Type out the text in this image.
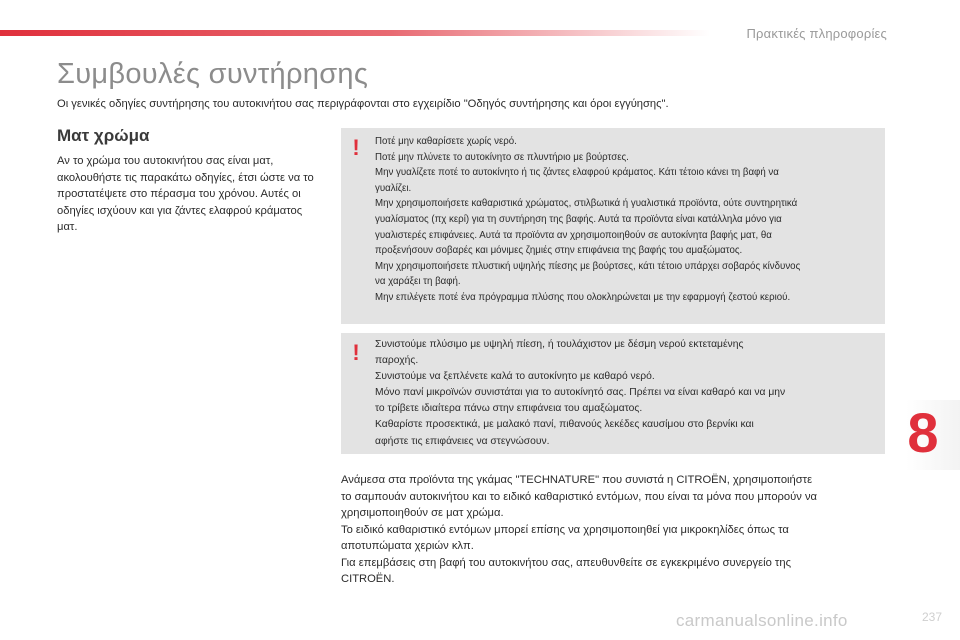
Πρακτικές πληροφορίες
Συμβουλές συντήρησης
Οι γενικές οδηγίες συντήρησης του αυτοκινήτου σας περιγράφονται στο εγχειρίδιο "Οδηγός συντήρησης και όροι εγγύησης".
Ματ χρώμα
Αν το χρώμα του αυτοκινήτου σας είναι ματ, ακολουθήστε τις παρακάτω οδηγίες, έτσι ώστε να το προστατέψετε στο πέρασμα του χρόνου. Αυτές οι οδηγίες ισχύουν και για ζάντες ελαφρού κράματος ματ.
! Ποτέ μην καθαρίσετε χωρίς νερό.
Ποτέ μην πλύνετε το αυτοκίνητο σε πλυντήριο με βούρτσες.
Μην γυαλίζετε ποτέ το αυτοκίνητο ή τις ζάντες ελαφρού κράματος. Κάτι τέτοιο κάνει τη βαφή να
γυαλίζει.
Μην χρησιμοποιήσετε καθαριστικά χρώματος, στιλβωτικά ή γυαλιστικά προϊόντα, ούτε συντηρητικά
γυαλίσματος (πχ κερί) για τη συντήρηση της βαφής. Αυτά τα προϊόντα είναι κατάλληλα μόνο για
γυαλιστερές επιφάνειες. Αυτά τα προϊόντα αν χρησιμοποιηθούν σε αυτοκίνητα βαφής ματ, θα
προξενήσουν σοβαρές και μόνιμες ζημιές στην επιφάνεια της βαφής του αμαξώματος.
Μην χρησιμοποιήσετε πλυστική υψηλής πίεσης με βούρτσες, κάτι τέτοιο υπάρχει σοβαρός κίνδυνος
να χαράξει τη βαφή.
Μην επιλέγετε ποτέ ένα πρόγραμμα πλύσης που ολοκληρώνεται με την εφαρμογή ζεστού κεριού.
! Συνιστούμε πλύσιμο με υψηλή πίεση, ή τουλάχιστον με δέσμη νερού εκτεταμένης
παροχής.
Συνιστούμε να ξεπλένετε καλά το αυτοκίνητο με καθαρό νερό.
Μόνο πανί μικροϊνών συνιστάται για το αυτοκίνητό σας. Πρέπει να είναι καθαρό και να μην
το τρίβετε ιδιαίτερα πάνω στην επιφάνεια του αμαξώματος.
Καθαρίστε προσεκτικά, με μαλακό πανί, πιθανούς λεκέδες καυσίμου στο βερνίκι και
αφήστε τις επιφάνειες να στεγνώσουν.
Ανάμεσα στα προϊόντα της γκάμας "TECHNATURE" που συνιστά η CITROËN, χρησιμοποιήστε
το σαμπουάν αυτοκινήτου και το ειδικό καθαριστικό εντόμων, που είναι τα μόνα που μπορούν να
χρησιμοποιηθούν σε ματ χρώμα.
Το ειδικό καθαριστικό εντόμων μπορεί επίσης να χρησιμοποιηθεί για μικροκηλίδες όπως τα
αποτυπώματα χεριών κλπ.
Για επεμβάσεις στη βαφή του αυτοκινήτου σας, απευθυνθείτε σε εγκεκριμένο συνεργείο της
CITROËN.
8
carmanualsonline.info	237
